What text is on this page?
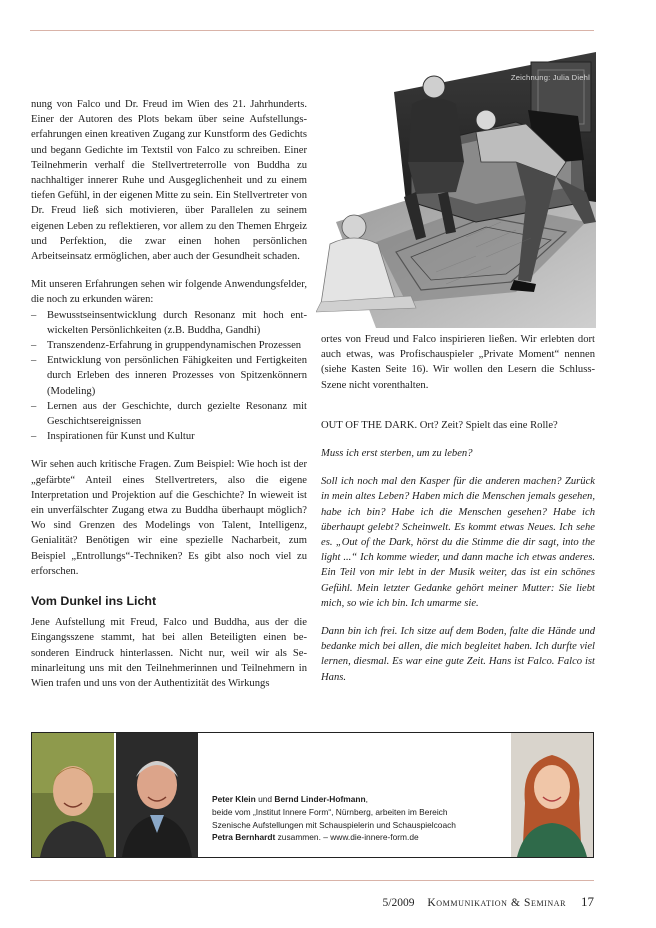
Zeichnung: Julia Diehl

nung von Falco und Dr. Freud im Wien des 21. Jahrhunderts. Einer der Autoren des Plots bekam über seine Aufstellungserfahrungen einen kreativen Zugang zur Kunstform des Gedichts und begann Gedichte im Textstil von Falco zu schreiben. Einer Teilnehmerin verhalf die Stellvertreterrolle von Buddha zu nachhaltiger innerer Ruhe und Ausgeglichenheit und zu einem tiefen Gefühl, in der eigenen Mitte zu sein. Ein Stellvertreter von Dr. Freud ließ sich motivieren, über Parallelen zu seinem eigenen Leben zu reflektieren, vor allem zu den Themen Ehrgeiz und Perfektion, die zwar einen hohen persönlichen Arbeitseinsatz ermöglichen, aber auch der Gesundheit schaden.

Mit unseren Erfahrungen sehen wir folgende Anwendungsfelder, die noch zu erkunden wären:

– Bewusstseinsentwicklung durch Resonanz mit hoch entwickelten Persönlichkeiten (z.B. Buddha, Gandhi)
– Transzendenz-Erfahrung in gruppendynamischen Prozessen
– Entwicklung von persönlichen Fähigkeiten und Fertigkeiten durch Erleben des inneren Prozesses von Spitzenkönnern (Modeling)
– Lernen aus der Geschichte, durch gezielte Resonanz mit Geschichtsereignissen
– Inspirationen für Kunst und Kultur

Wir sehen auch kritische Fragen. Zum Beispiel: Wie hoch ist der „gefärbte“ Anteil eines Stellvertreters, also die eigene Interpretation und Projektion auf die Geschichte? In wieweit ist ein unverfälschter Zugang etwa zu Buddha überhaupt möglich? Wo sind Grenzen des Modelings von Talent, Intelligenz, Genialität? Benötigen wir eine spezielle Nacharbeit, zum Beispiel „Entrollungs“-Techniken? Es gibt also noch viel zu erforschen.

Vom Dunkel ins Licht

Jene Aufstellung mit Freud, Falco und Buddha, aus der die Eingangsszene stammt, hat bei allen Beteiligten einen besonderen Eindruck hinterlassen. Nicht nur, weil wir als Seminarleitung uns mit den Teilnehmerinnen und Teilnehmern in Wien trafen und uns von der Authentizität des Wirkungs

ortes von Freud und Falco inspirieren ließen. Wir erlebten dort auch etwas, was Profischauspieler „Private Moment“ nennen (siehe Kasten Seite 16). Wir wollen den Lesern die Schluss-Szene nicht vorenthalten.

OUT OF THE DARK. Ort? Zeit? Spielt das eine Rolle?

Muss ich erst sterben, um zu leben?

Soll ich noch mal den Kasper für die anderen machen? Zurück in mein altes Leben? Haben mich die Menschen jemals gesehen, habe ich bin? Habe ich die Menschen gesehen? Habe ich überhaupt gelebt? Scheinwelt. Es kommt etwas Neues. Ich sehe es. „Out of the Dark, hörst du die Stimme die dir sagt, into the light ...“ Ich komme wieder, und dann mache ich etwas anderes. Ein Teil von mir lebt in der Musik weiter, das ist ein schönes Gefühl. Mein letzter Gedanke gehört meiner Mutter: Sie liebt mich, so wie ich bin. Ich umarme sie.

Dann bin ich frei. Ich sitze auf dem Boden, falte die Hände und bedanke mich bei allen, die mich begleitet haben. Ich durfte viel lernen, diesmal. Es war eine gute Zeit. Hans ist Falco. Falco ist Hans.

Peter Klein und Bernd Linder-Hofmann,
beide vom „Institut Innere Form“, Nürnberg, arbeiten im Bereich
Szenische Aufstellungen mit Schauspielerin und Schauspielcoach
Petra Bernhardt zusammen. – www.die-innere-form.de
5/2009 Kommunikation & Seminar 17
